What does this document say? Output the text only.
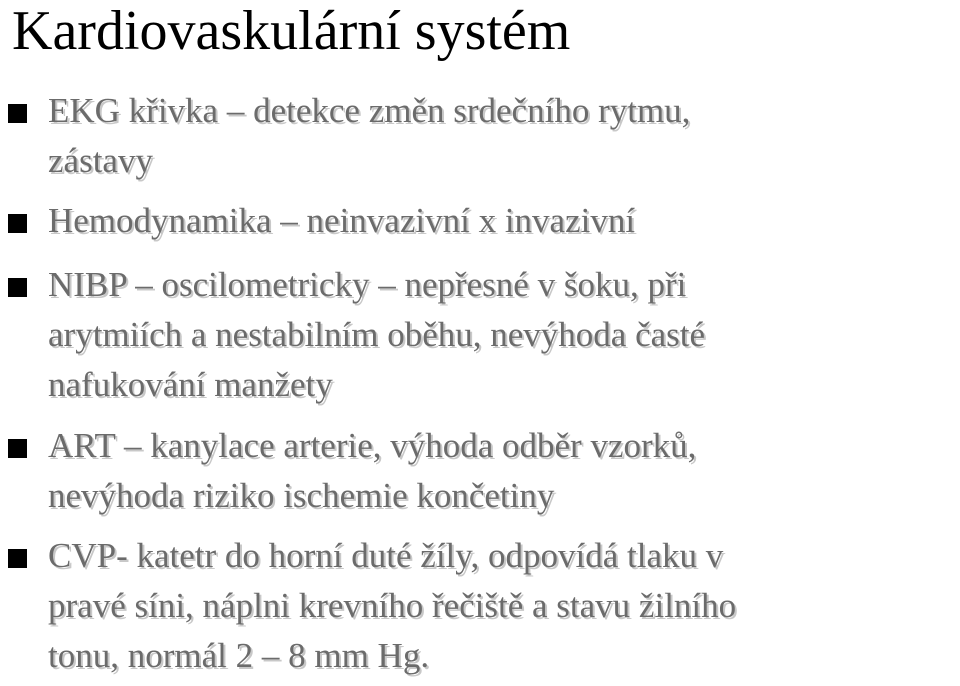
Kardiovaskulární systém
EKG křivka – detekce změn srdečního rytmu,
zástavy
Hemodynamika – neinvazivní x invazivní
NIBP – oscilometricky – nepřesné v šoku, při
arytmiích a nestabilním oběhu, nevýhoda časté
nafukování manžety
ART – kanylace arterie, výhoda odběr vzorků,
nevýhoda riziko ischemie končetiny
CVP- katetr do horní duté žíly, odpovídá tlaku v
pravé síni, náplni krevního řečiště a stavu žilního
tonu, normál 2 – 8 mm Hg.
